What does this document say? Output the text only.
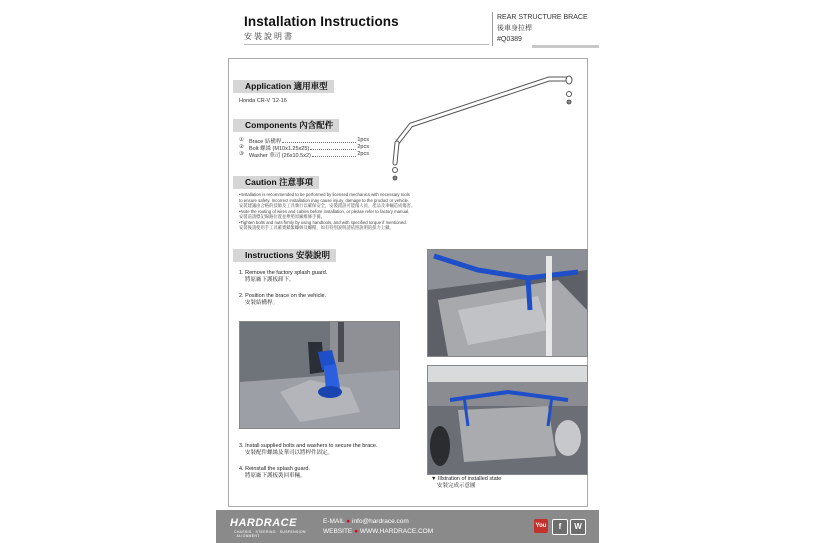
Installation Instructions
安裝說明書
REAR STRUCTURE BRACE
後車身拉桿
#Q0389
Application 適用車型
Honda CR-V '12-16
Components 內含配件
① Brace 結構桿	1pcs
② Bolt 螺絲 (M10x1.25x25)	2pcs
③ Washer 華司 (26x10.5x2)	2pcs
Caution 注意事項
•Installation is recommended to be performed by licensed mechanics with necessary tools
to ensure safety. Incorrect installation may cause injury, damage to the product or vehicle.
安裝建議由合格的技師及工具執行以確保安全，安裝錯誤可能傷人員、產品及車輛造成傷害。
•Note the routing of wires and cables before installation, or please refer to factory manual.
安裝前請標記線路位置並參照原廠維修手冊。
•Tighten bolts and nuts firmly by using handtools, and with specified torque if mentioned.
安裝後請使用手工具確實鎖緊螺絲及螺帽，如有特別說明請依照說明的扭力上鎖。
Instructions 安裝說明
1. Remove the factory splash guard.
將原廠下護板卸下。
2. Position the brace on the vehicle.
安裝結構桿。
▼ Illstration of installed state
安裝完成示意圖
3. Install supplied bolts and washers to secure the brace.
安裝配件螺絲及華司以將桿件固定。
4. Reinstall the splash guard.
將原廠下護板裝回車輛。
HARDRACE
CHASSIS · STEERING · SUSPENSION · ALIGNMENT
E-MAIL ● info@hardrace.com
WEBSITE ● WWW.HARDRACE.COM
You	f	W
